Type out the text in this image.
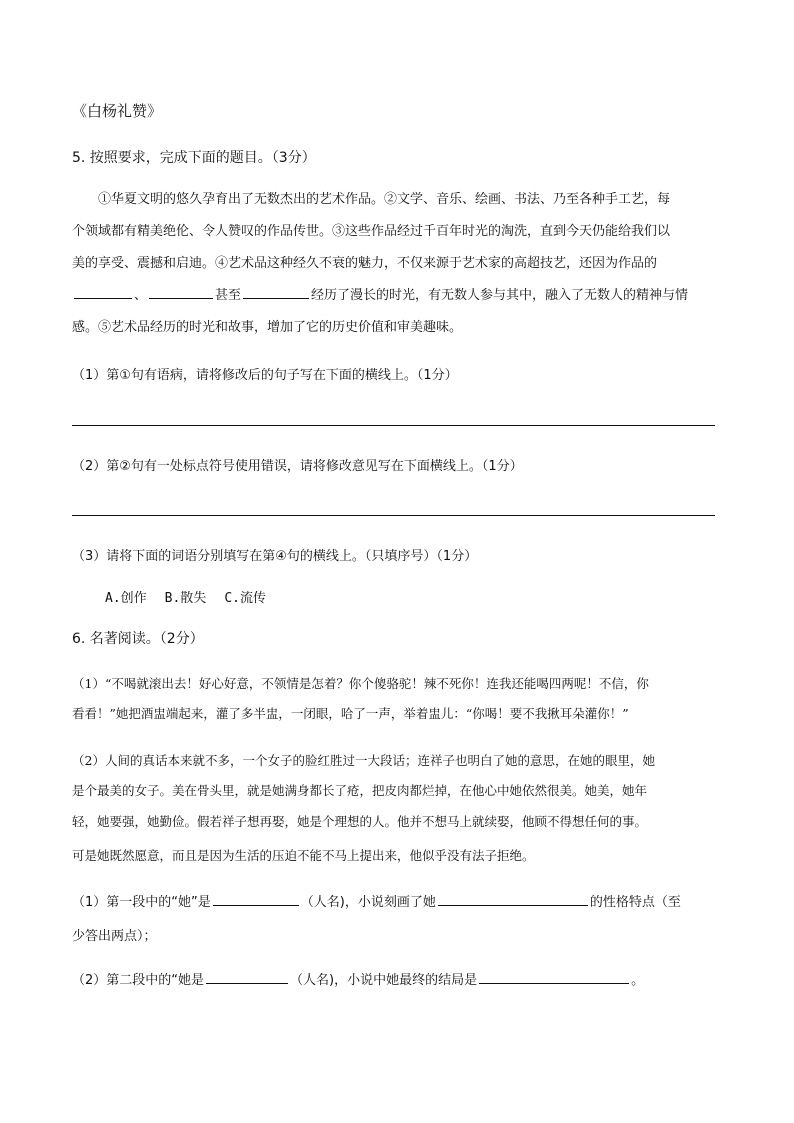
《白杨礼赞》
5. 按照要求，完成下面的题目。（3分）
①华夏文明的悠久孕育出了无数杰出的艺术作品。②文学、音乐、绘画、书法、乃至各种手工艺，每
个领域都有精美绝伦、令人赞叹的作品传世。③这些作品经过千百年时光的淘洗，直到今天仍能给我们以
美的享受、震撼和启迪。④艺术品这种经久不衰的魅力，不仅来源于艺术家的高超技艺，还因为作品的
、	甚至	经历了漫长的时光，有无数人参与其中，融入了无数人的精神与情
感。⑤艺术品经历的时光和故事，增加了它的历史价值和审美趣味。
（1）第①句有语病，请将修改后的句子写在下面的横线上。（1分）
（2）第②句有一处标点符号使用错误，请将修改意见写在下面横线上。（1分）
（3）请将下面的词语分别填写在第④句的横线上。（只填序号）（1分）
A.创作 B.散失 C.流传
6. 名著阅读。（2分）
（1）“不喝就滚出去！好心好意，不领情是怎着？你个傻骆驼！辣不死你！连我还能喝四两呢！不信，你
看看！”她把酒盅端起来，灌了多半盅，一闭眼，哈了一声，举着盅儿：“你喝！要不我揪耳朵灌你！”
（2）人间的真话本来就不多，一个女子的脸红胜过一大段话；连祥子也明白了她的意思，在她的眼里，她
是个最美的女子。美在骨头里，就是她满身都长了疮，把皮肉都烂掉，在他心中她依然很美。她美，她年
轻，她要强，她勤俭。假若祥子想再娶，她是个理想的人。他并不想马上就续娶，他顾不得想任何的事。
可是她既然愿意，而且是因为生活的压迫不能不马上提出来，他似乎没有法子拒绝。
（1）第一段中的“她”是	（人名)，小说刻画了她	的性格特点（至
少答出两点）；
（2）第二段中的“她是	（人名)，小说中她最终的结局是	。
